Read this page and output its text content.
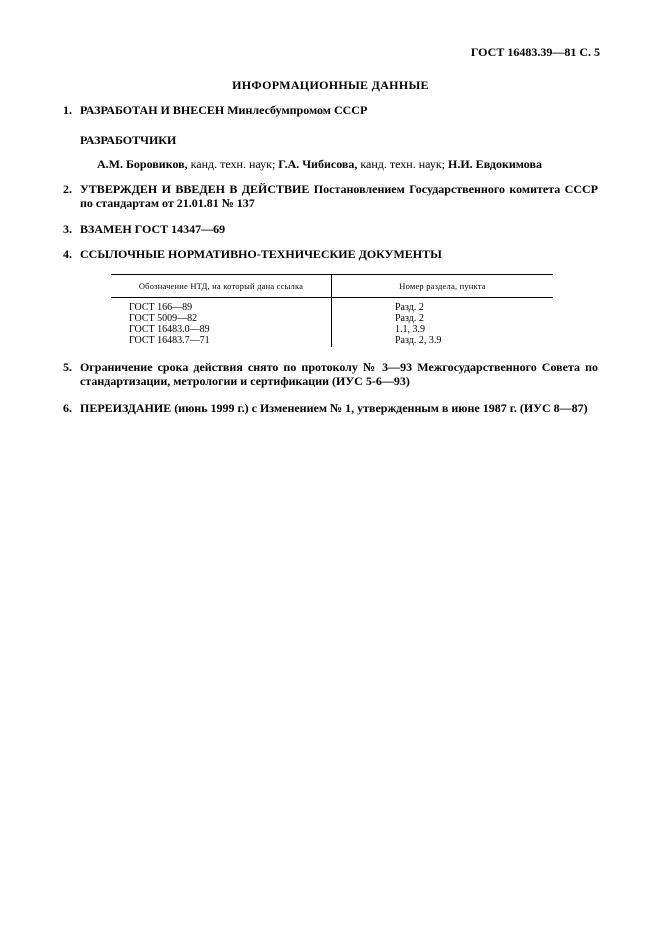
ГОСТ 16483.39—81 С. 5
ИНФОРМАЦИОННЫЕ ДАННЫЕ
1. РАЗРАБОТАН И ВНЕСЕН Минлесбумпромом СССР
РАЗРАБОТЧИКИ
А.М. Боровиков, канд. техн. наук; Г.А. Чибисова, канд. техн. наук; Н.И. Евдокимова
2. УТВЕРЖДЕН И ВВЕДЕН В ДЕЙСТВИЕ Постановлением Государственного комитета СССР по стандартам от 21.01.81 № 137
3. ВЗАМЕН ГОСТ 14347—69
4. ССЫЛОЧНЫЕ НОРМАТИВНО-ТЕХНИЧЕСКИЕ ДОКУМЕНТЫ
Обозначение НТД, на который дана ссылка	Номер раздела, пункта
ГОСТ 166—89	Разд. 2
ГОСТ 5009—82	Разд. 2
ГОСТ 16483.0—89	1.1, 3.9
ГОСТ 16483.7—71	Разд. 2, 3.9
5. Ограничение срока действия снято по протоколу № 3—93 Межгосударственного Совета по стандартизации, метрологии и сертификации (ИУС 5-6—93)
6. ПЕРЕИЗДАНИЕ (июнь 1999 г.) с Изменением № 1, утвержденным в июне 1987 г. (ИУС 8—87)
